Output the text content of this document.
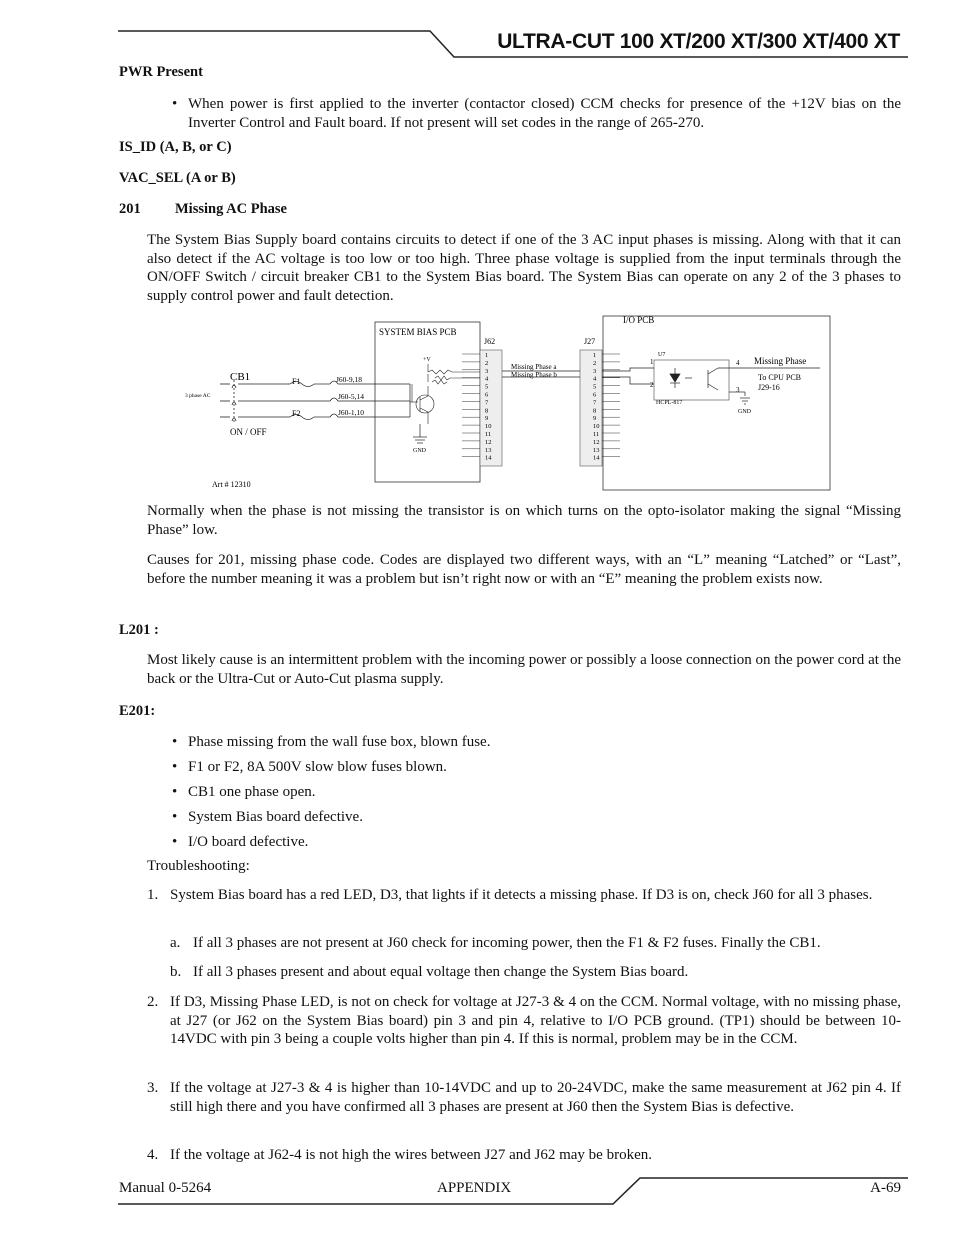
ULTRA-CUT 100 XT/200 XT/300 XT/400 XT
PWR Present
• When power is first applied to the inverter (contactor closed) CCM checks for presence of the +12V bias on the Inverter Control and Fault board. If not present will set codes in the range of 265-270.
IS_ID (A, B, or C)
VAC_SEL (A or B)
201 Missing AC Phase
The System Bias Supply board contains circuits to detect if one of the 3 AC input phases is missing. Along with that it can also detect if the AC voltage is too low or too high. Three phase voltage is supplied from the input terminals through the ON/OFF Switch / circuit breaker CB1 to the System Bias board. The System Bias can operate on any 2 of the 3 phases to supply control power and fault detection.
SYSTEM BIAS PCB
J62
1
2
3
4
5
6
7
8
9
10
11
12
13
14
I/O PCB
J27
1
2
3
4
5
6
7
8
9
10
11
12
13
14
Missing Phase a
Missing Phase b
CB1
3 phase AC
ON / OFF
F1
F2
J60-9,18
J60-5,14
J60-1,10
+V
GND
U7
HCPL-817
1
2
3
4
GND
Missing Phase
To CPU PCB
J29-16
Art # 12310
Normally when the phase is not missing the transistor is on which turns on the opto-isolator making the signal “Missing Phase” low.
Causes for 201, missing phase code. Codes are displayed two different ways, with an “L” meaning “Latched” or “Last”, before the number meaning it was a problem but isn’t right now or with an “E” meaning the problem exists now.
L201 :
Most likely cause is an intermittent problem with the incoming power or possibly a loose connection on the power cord at the back or the Ultra-Cut or Auto-Cut plasma supply.
E201:
• Phase missing from the wall fuse box, blown fuse.
• F1 or F2, 8A 500V slow blow fuses blown.
• CB1 one phase open.
• System Bias board defective.
• I/O board defective.
Troubleshooting:
1. System Bias board has a red LED, D3, that lights if it detects a missing phase. If D3 is on, check J60 for all 3 phases.
a. If all 3 phases are not present at J60 check for incoming power, then the F1 & F2 fuses. Finally the CB1.
b. If all 3 phases present and about equal voltage then change the System Bias board.
2. If D3, Missing Phase LED, is not on check for voltage at J27-3 & 4 on the CCM. Normal voltage, with no missing phase, at J27 (or J62 on the System Bias board) pin 3 and pin 4, relative to I/O PCB ground. (TP1) should be between 10-14VDC with pin 3 being a couple volts higher than pin 4. If this is normal, problem may be in the CCM.
3. If the voltage at J27-3 & 4 is higher than 10-14VDC and up to 20-24VDC, make the same measurement at J62 pin 4. If still high there and you have confirmed all 3 phases are present at J60 then the System Bias is defective.
4. If the voltage at J62-4 is not high the wires between J27 and J62 may be broken.
Manual 0-5264	APPENDIX	A-69
